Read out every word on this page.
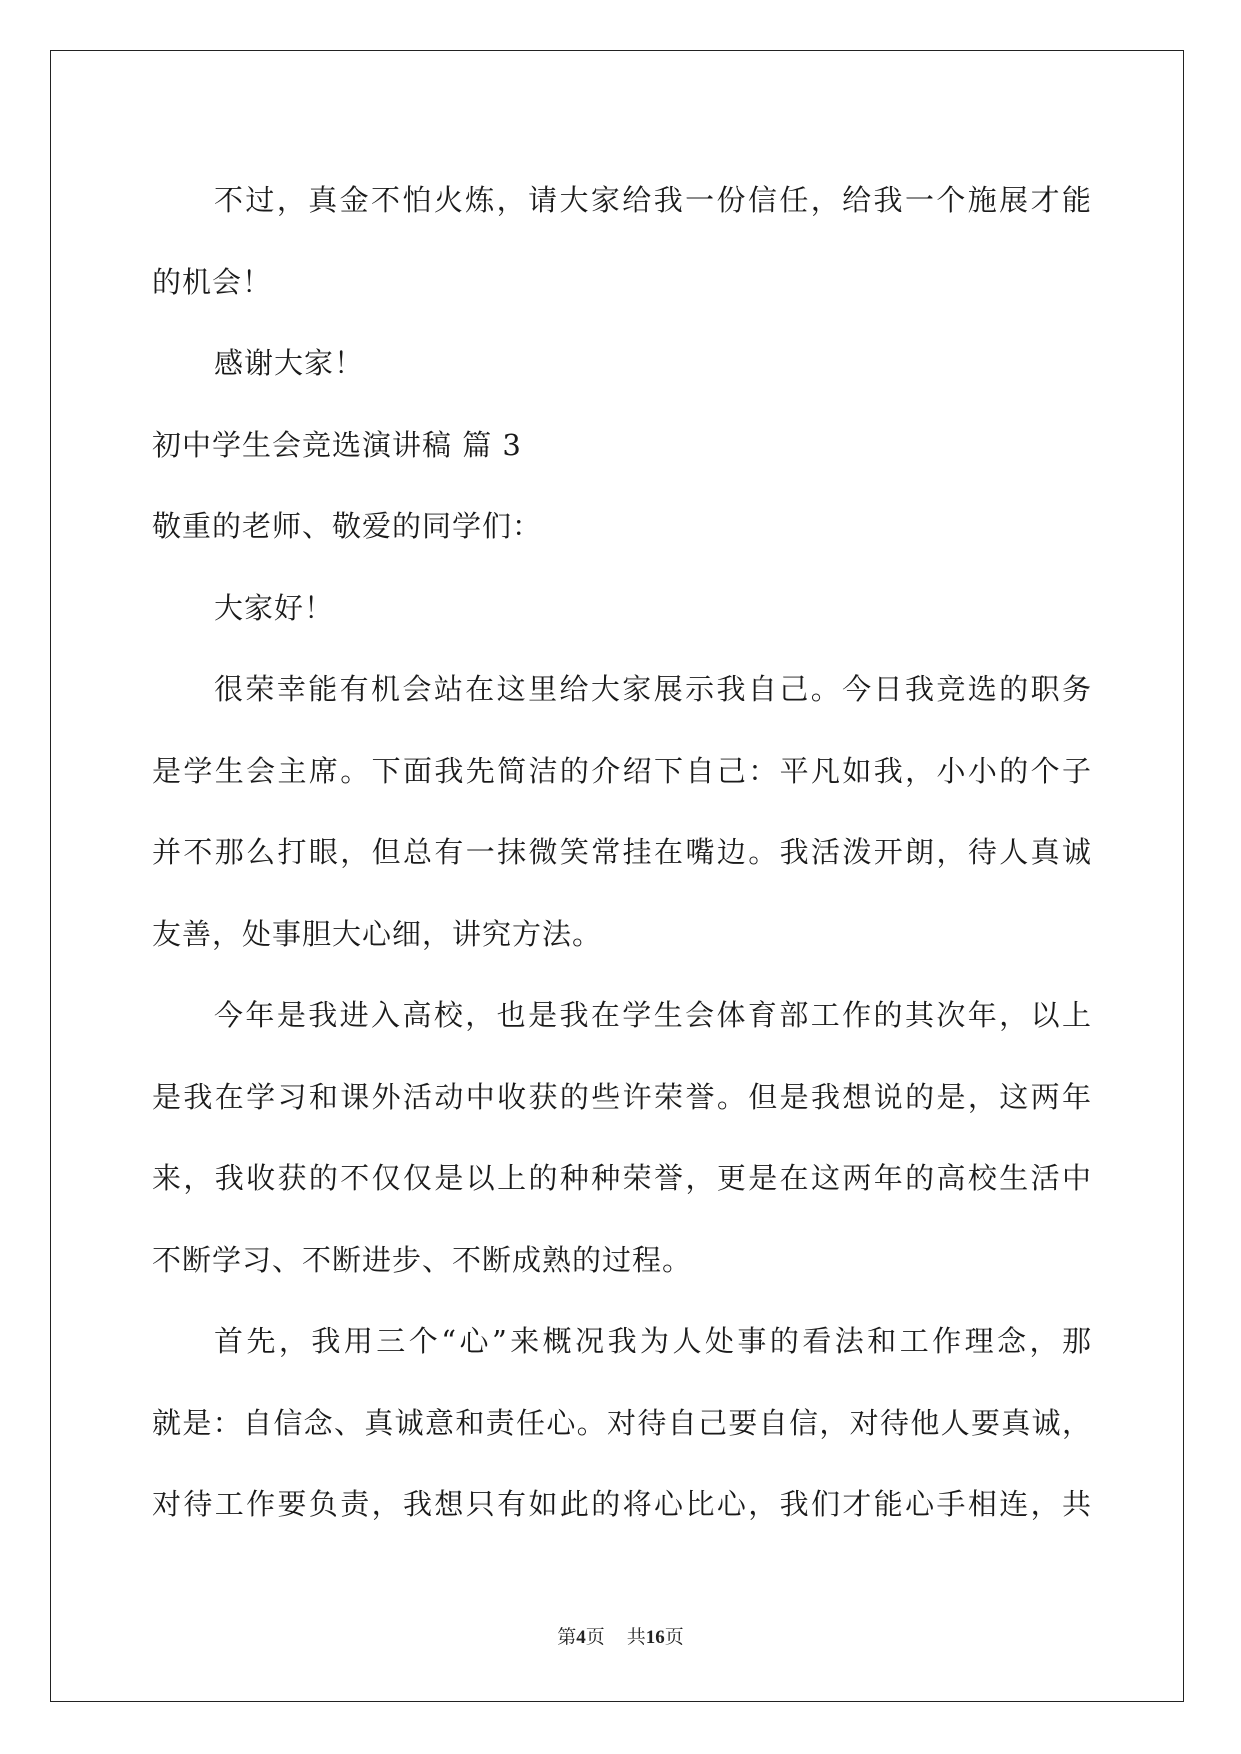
不过，真金不怕火炼，请大家给我一份信任，给我一个施展才能
的机会！
感谢大家！
初中学生会竞选演讲稿 篇 3
敬重的老师、敬爱的同学们：
大家好！
很荣幸能有机会站在这里给大家展示我自己。今日我竞选的职务
是学生会主席。下面我先简洁的介绍下自己：平凡如我，小小的个子
并不那么打眼，但总有一抹微笑常挂在嘴边。我活泼开朗，待人真诚
友善，处事胆大心细，讲究方法。
今年是我进入高校，也是我在学生会体育部工作的其次年，以上
是我在学习和课外活动中收获的些许荣誉。但是我想说的是，这两年
来，我收获的不仅仅是以上的种种荣誉，更是在这两年的高校生活中
不断学习、不断进步、不断成熟的过程。
首先，我用三个“心”来概况我为人处事的看法和工作理念，那
就是：自信念、真诚意和责任心。对待自己要自信，对待他人要真诚，
对待工作要负责，我想只有如此的将心比心，我们才能心手相连，共
第4页 共16页
